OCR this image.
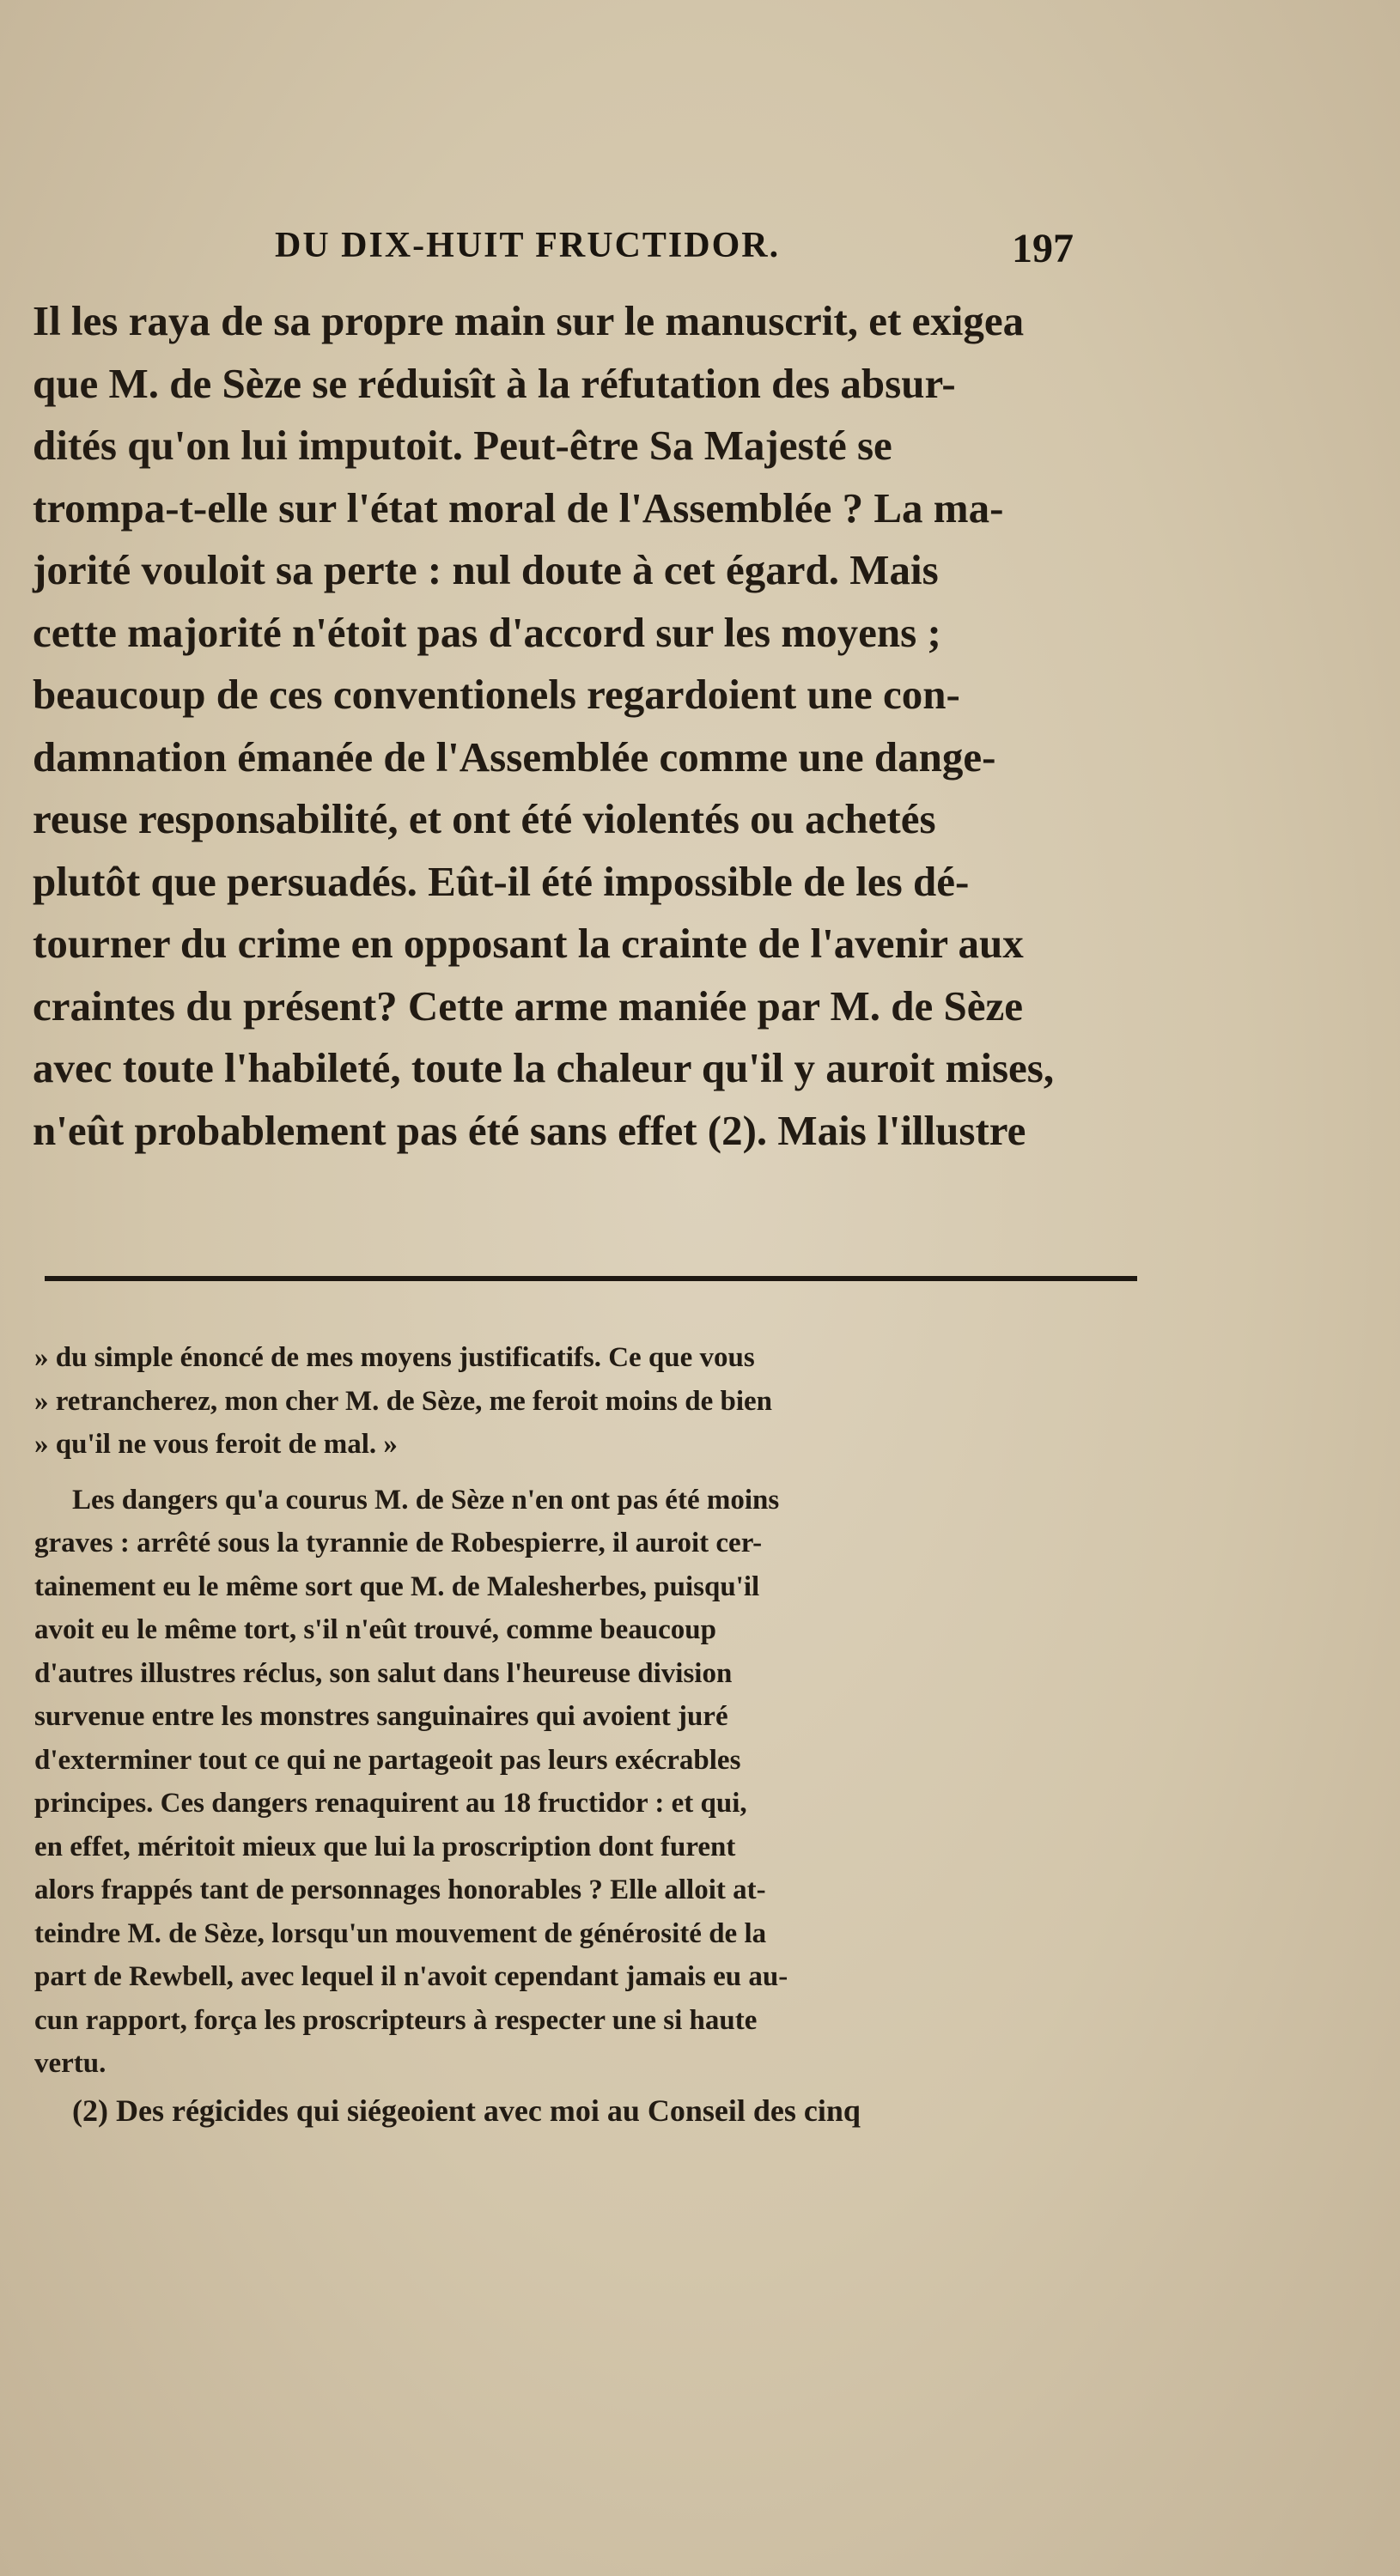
DU DIX-HUIT FRUCTIDOR.	197
Il les raya de sa propre main sur le manuscrit, et exigea
que M. de Sèze se réduisît à la réfutation des absur-
dités qu'on lui imputoit. Peut-être Sa Majesté se
trompa-t-elle sur l'état moral de l'Assemblée ? La ma-
jorité vouloit sa perte : nul doute à cet égard. Mais
cette majorité n'étoit pas d'accord sur les moyens ;
beaucoup de ces conventionels regardoient une con-
damnation émanée de l'Assemblée comme une dange-
reuse responsabilité, et ont été violentés ou achetés
plutôt que persuadés. Eût-il été impossible de les dé-
tourner du crime en opposant la crainte de l'avenir aux
craintes du présent? Cette arme maniée par M. de Sèze
avec toute l'habileté, toute la chaleur qu'il y auroit mises,
n'eût probablement pas été sans effet (2). Mais l'illustre
» du simple énoncé de mes moyens justificatifs. Ce que vous
» retrancherez, mon cher M. de Sèze, me feroit moins de bien
» qu'il ne vous feroit de mal. »
Les dangers qu'a courus M. de Sèze n'en ont pas été moins
graves : arrêté sous la tyrannie de Robespierre, il auroit cer-
tainement eu le même sort que M. de Malesherbes, puisqu'il
avoit eu le même tort, s'il n'eût trouvé, comme beaucoup
d'autres illustres réclus, son salut dans l'heureuse division
survenue entre les monstres sanguinaires qui avoient juré
d'exterminer tout ce qui ne partageoit pas leurs exécrables
principes. Ces dangers renaquirent au 18 fructidor : et qui,
en effet, méritoit mieux que lui la proscription dont furent
alors frappés tant de personnages honorables ? Elle alloit at-
teindre M. de Sèze, lorsqu'un mouvement de générosité de la
part de Rewbell, avec lequel il n'avoit cependant jamais eu au-
cun rapport, força les proscripteurs à respecter une si haute
vertu.
(2) Des régicides qui siégeoient avec moi au Conseil des cinq
